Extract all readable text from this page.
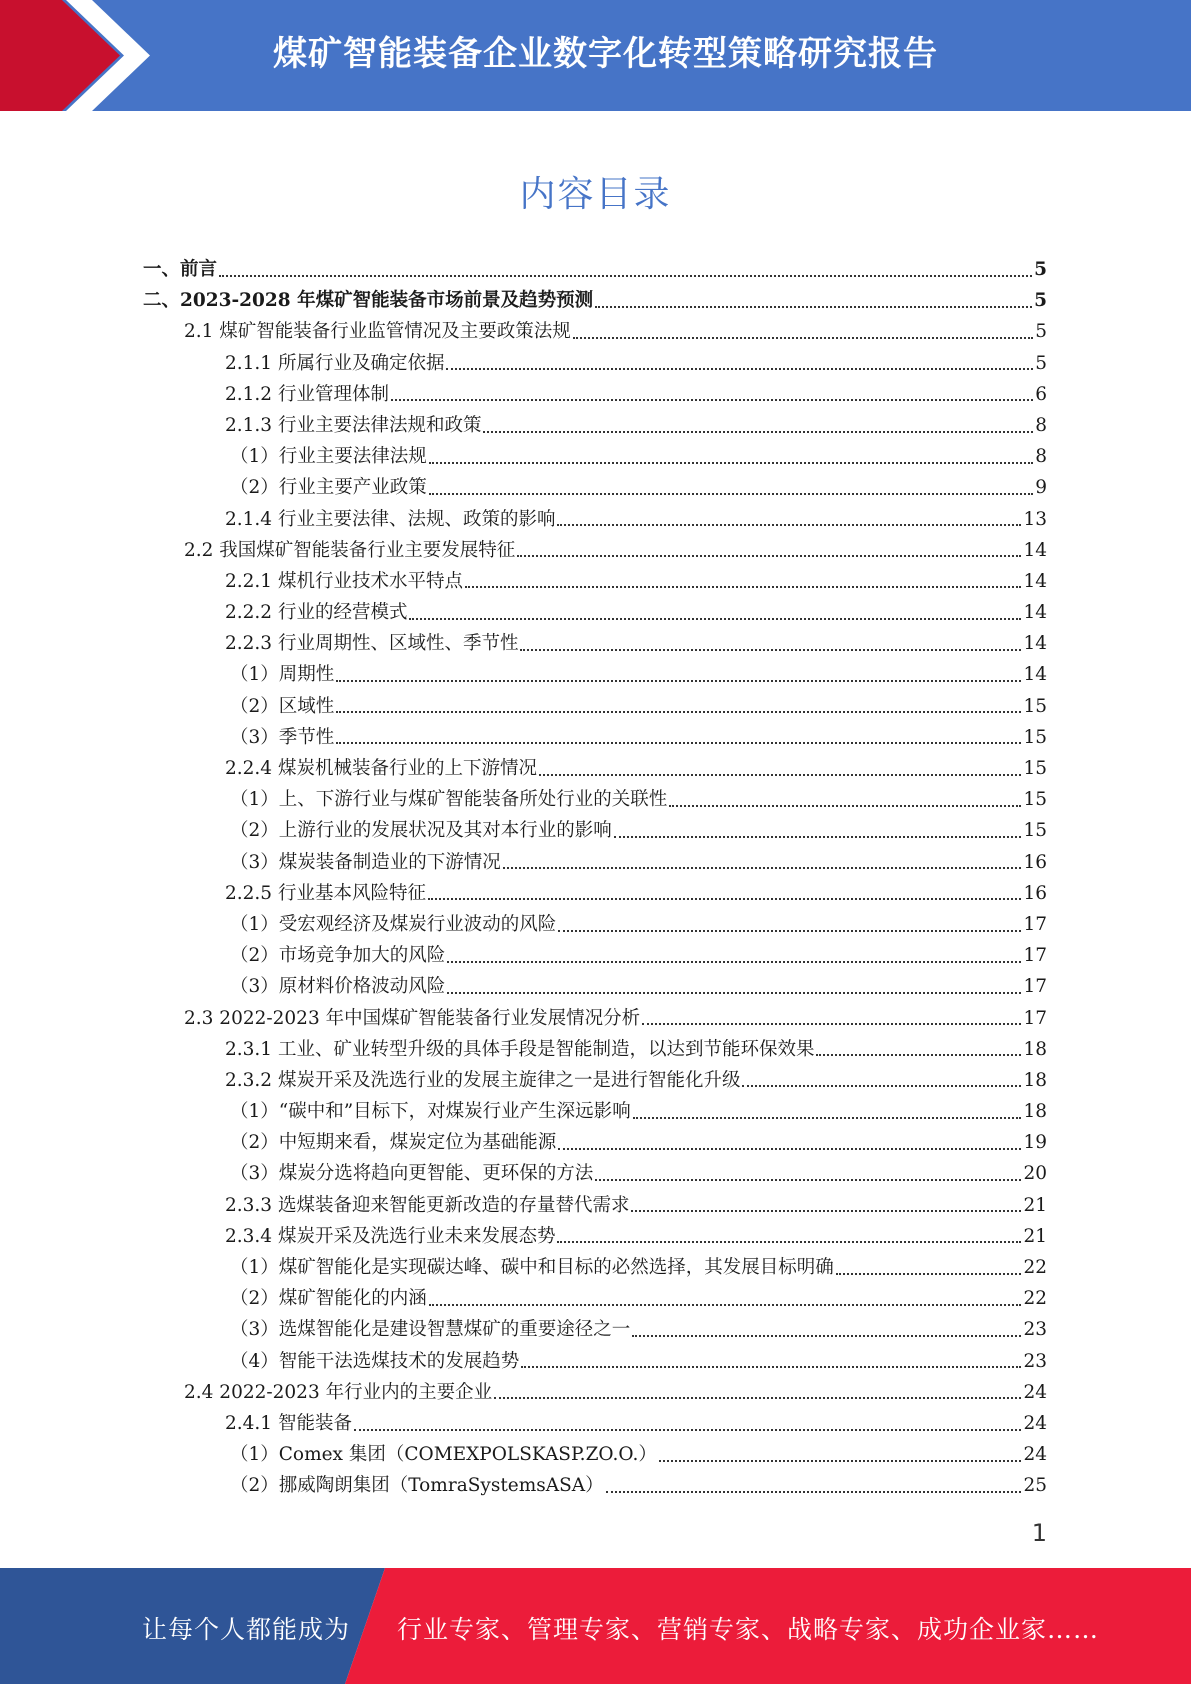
煤矿智能装备企业数字化转型策略研究报告
内容目录
一、前言	5
二、2023-2028 年煤矿智能装备市场前景及趋势预测	5
2.1 煤矿智能装备行业监管情况及主要政策法规	5
2.1.1 所属行业及确定依据	5
2.1.2 行业管理体制	6
2.1.3 行业主要法律法规和政策	8
（1）行业主要法律法规	8
（2）行业主要产业政策	9
2.1.4 行业主要法律、法规、政策的影响	13
2.2 我国煤矿智能装备行业主要发展特征	14
2.2.1 煤机行业技术水平特点	14
2.2.2 行业的经营模式	14
2.2.3 行业周期性、区域性、季节性	14
（1）周期性	14
（2）区域性	15
（3）季节性	15
2.2.4 煤炭机械装备行业的上下游情况	15
（1）上、下游行业与煤矿智能装备所处行业的关联性	15
（2）上游行业的发展状况及其对本行业的影响	15
（3）煤炭装备制造业的下游情况	16
2.2.5 行业基本风险特征	16
（1）受宏观经济及煤炭行业波动的风险	17
（2）市场竞争加大的风险	17
（3）原材料价格波动风险	17
2.3 2022-2023 年中国煤矿智能装备行业发展情况分析	17
2.3.1 工业、矿业转型升级的具体手段是智能制造，以达到节能环保效果	18
2.3.2 煤炭开采及洗选行业的发展主旋律之一是进行智能化升级	18
（1）“碳中和”目标下，对煤炭行业产生深远影响	18
（2）中短期来看，煤炭定位为基础能源	19
（3）煤炭分选将趋向更智能、更环保的方法	20
2.3.3 选煤装备迎来智能更新改造的存量替代需求	21
2.3.4 煤炭开采及洗选行业未来发展态势	21
（1）煤矿智能化是实现碳达峰、碳中和目标的必然选择，其发展目标明确	22
（2）煤矿智能化的内涵	22
（3）选煤智能化是建设智慧煤矿的重要途径之一	23
（4）智能干法选煤技术的发展趋势	23
2.4 2022-2023 年行业内的主要企业	24
2.4.1 智能装备	24
（1）Comex 集团（COMEXPOLSKASP.ZO.O.）	24
（2）挪威陶朗集团（TomraSystemsASA）	25
1
让每个人都能成为 行业专家、管理专家、营销专家、战略专家、成功企业家……
